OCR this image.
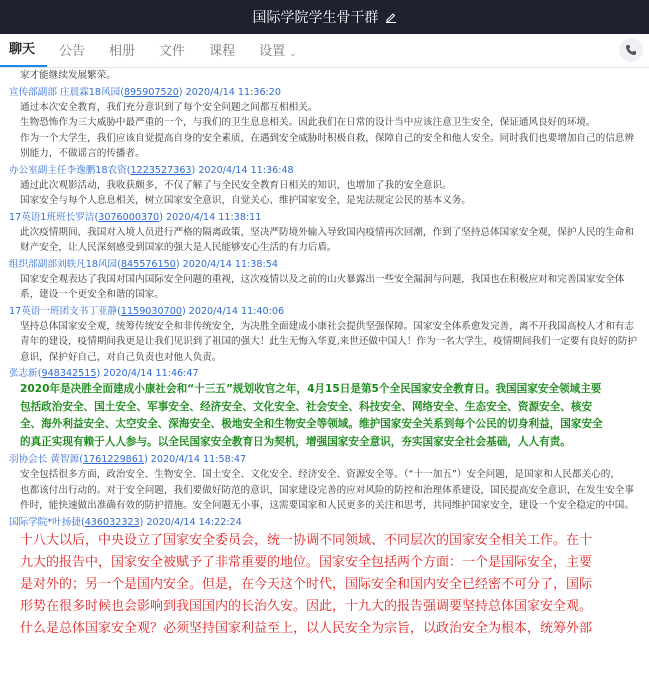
国际学院学生骨干群
聊天 公告 相册 文件 课程 设置 ⌄
家才能继续发展繁荣。
宣传部副部 庄晨霖18风园(895907520) 2020/4/14 11:36:20
通过本次安全教育，我们充分意识到了每个安全问题之间都互相相关。
生物恐怖作为三大威胁中最严重的一个，与我们的卫生息息相关。因此我们在日常的设计当中应该注意卫生安全，保证通风良好的环境。
作为一个大学生，我们应该自觉提高自身的安全素质，在遇到安全威胁时积极自救，保障自己的安全和他人安全。同时我们也要增加自己的信息辨
别能力，不做谣言的传播者。
办公室副主任李逸鹏18农资(1223527363) 2020/4/14 11:36:48
通过此次观影活动，我收获颇多，不仅了解了与全民安全教育日相关的知识，也增加了我的安全意识。
国家安全与每个人息息相关，树立国家安全意识，自觉关心、维护国家安全，是宪法规定公民的基本义务。
17英语1班班长罗洁(3076000370) 2020/4/14 11:38:11
此次疫情期间，我国对入境人员进行严格的隔离政策，坚决严防境外输入导致国内疫情再次回潮，作到了坚持总体国家安全观，保护人民的生命和
财产安全，让人民深刻感受到国家的强大是人民能够安心生活的有力后盾。
组织部副部刘轶凡18风园(845576150) 2020/4/14 11:38:54
国家安全观表达了我国对国内国际安全问题的重视，这次疫情以及之前的山火暴露出一些安全漏洞与问题，我国也在积极应对和完善国家安全体
系，建设一个更安全和谐的国家。
17英语一班团支书丁亚静(1159030700) 2020/4/14 11:40:06
坚持总体国家安全观，统筹传统安全和非传统安全，为决胜全面建成小康社会提供坚强保障。国家安全体系愈发完善，离不开我国高校人才和有志
青年的建设，疫情期间我更是让我们见识到了祖国的强大！此生无悔入华夏,来世还做中国人！作为一名大学生，疫情期间我们一定要有良好的防护
意识，保护好自己，对自己负责也对他人负责。
张志新(948342515) 2020/4/14 11:46:47
2020年是决胜全面建成小康社会和“十三五”规划收官之年，4月15日是第5个全民国家安全教育日。我国国家安全领域主要
包括政治安全、国土安全、军事安全、经济安全、文化安全、社会安全、科技安全、网络安全、生态安全、资源安全、核安
全、海外利益安全、太空安全、深海安全、极地安全和生物安全等领域。维护国家安全关系到每个公民的切身利益，国家安全
的真正实现有赖于人人参与。以全民国家安全教育日为契机，增强国家安全意识，夯实国家安全社会基础，人人有责。
羽协会长 黄智源(1761229861) 2020/4/14 11:58:47
安全包括很多方面，政治安全、生物安全、国土安全、文化安全、经济安全、资源安全等。（“十一加五”）安全问题，是国家和人民都关心的，
也都该付出行动的。对于安全问题，我们要做好防范的意识，国家建设完善的应对风险的防控和治理体系建设，国民提高安全意识，在发生安全事
件时，能快速做出准确有效的防护措施。安全问题无小事，这需要国家和人民更多的关注和思考，共同维护国家安全，建设一个安全稳定的中国。
国际学院*叶扬捷(436032323) 2020/4/14 14:22:24
十八大以后，中央设立了国家安全委员会，统一协调不同领域、不同层次的国家安全相关工作。在十
九大的报告中，国家安全被赋予了非常重要的地位。国家安全包括两个方面：一个是国际安全，主要
是对外的；另一个是国内安全。但是，在今天这个时代，国际安全和国内安全已经密不可分了，国际
形势在很多时候也会影响到我国国内的长治久安。因此，十九大的报告强调要坚持总体国家安全观。
什么是总体国家安全观？必须坚持国家利益至上，以人民安全为宗旨，以政治安全为根本，统筹外部
